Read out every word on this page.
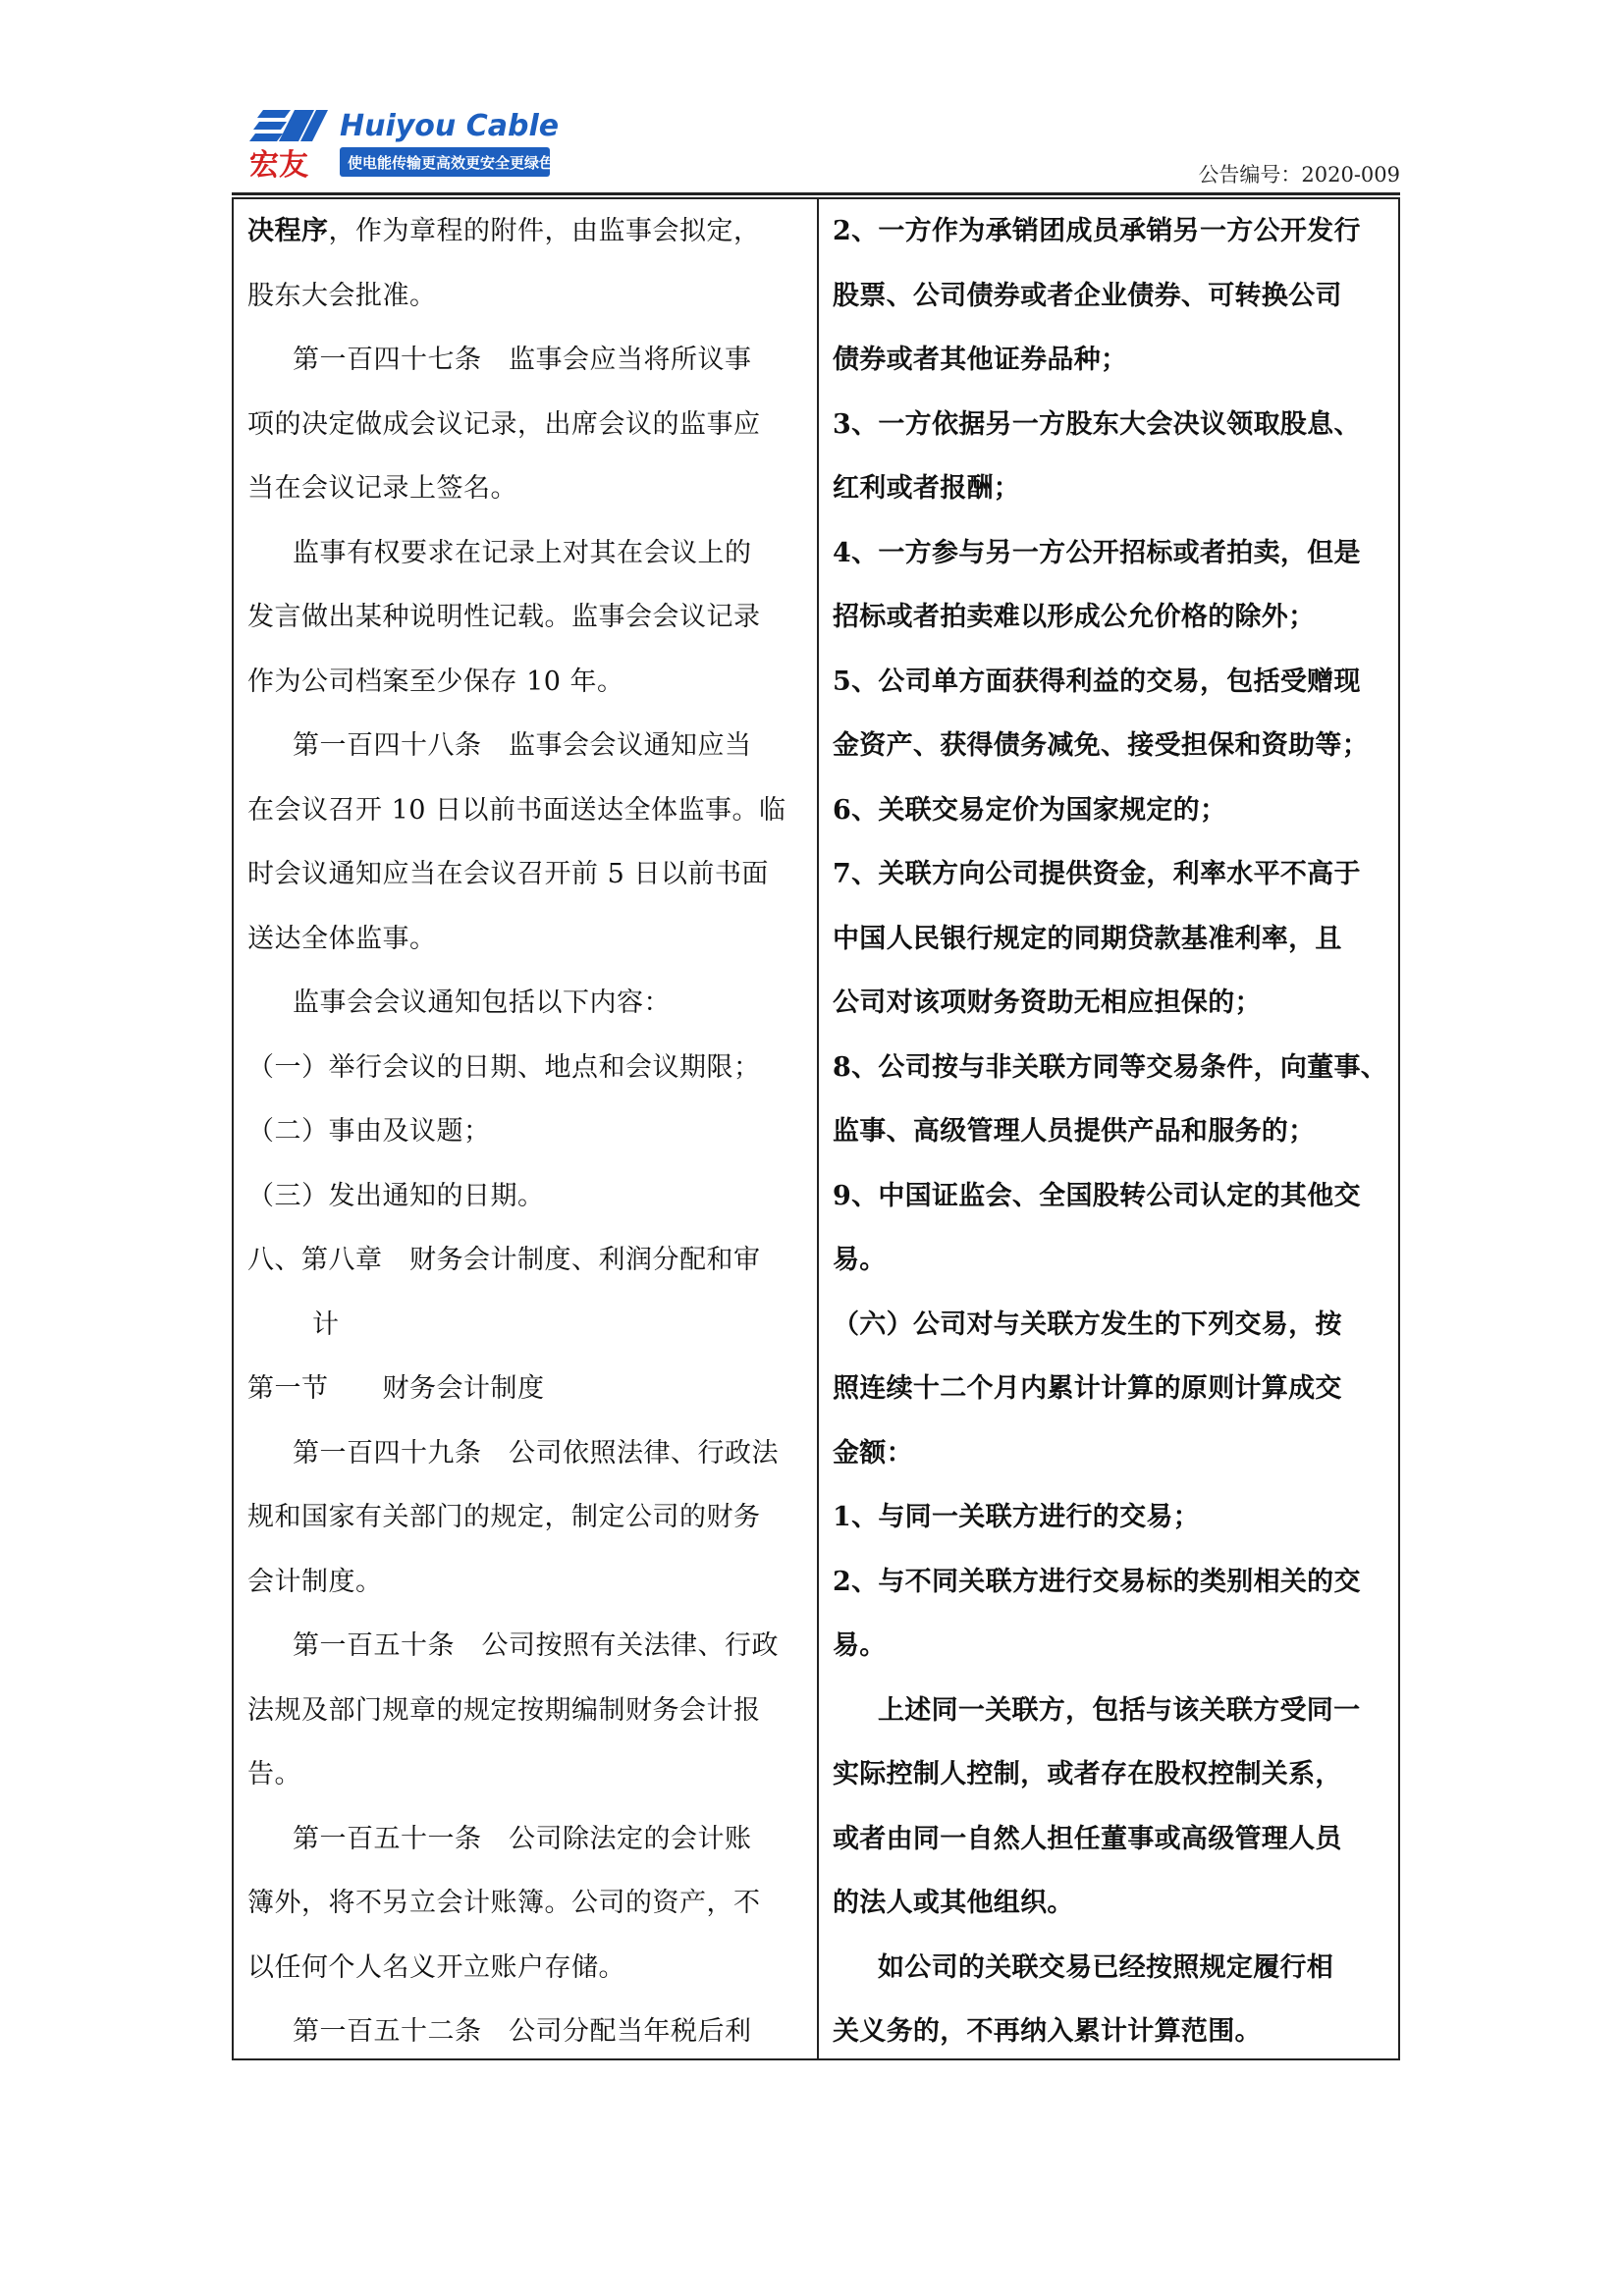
宏友
Huiyou Cable
使电能传输更高效更安全更绿色	公告编号：2020-009
决程序，作为章程的附件，由监事会拟定，
股东大会批准。
第一百四十七条　监事会应当将所议事
项的决定做成会议记录，出席会议的监事应
当在会议记录上签名。
监事有权要求在记录上对其在会议上的
发言做出某种说明性记载。监事会会议记录
作为公司档案至少保存 10 年。
第一百四十八条　监事会会议通知应当
在会议召开 10 日以前书面送达全体监事。临
时会议通知应当在会议召开前 5 日以前书面
送达全体监事。
监事会会议通知包括以下内容：
（一）举行会议的日期、地点和会议期限；
（二）事由及议题；
（三）发出通知的日期。
八、第八章　财务会计制度、利润分配和审
计
第一节　　财务会计制度
第一百四十九条　公司依照法律、行政法
规和国家有关部门的规定，制定公司的财务
会计制度。
第一百五十条　公司按照有关法律、行政
法规及部门规章的规定按期编制财务会计报
告。
第一百五十一条　公司除法定的会计账
簿外，将不另立会计账簿。公司的资产，不
以任何个人名义开立账户存储。
第一百五十二条　公司分配当年税后利
2、一方作为承销团成员承销另一方公开发行
股票、公司债券或者企业债券、可转换公司
债券或者其他证券品种；
3、一方依据另一方股东大会决议领取股息、
红利或者报酬；
4、一方参与另一方公开招标或者拍卖，但是
招标或者拍卖难以形成公允价格的除外；
5、公司单方面获得利益的交易，包括受赠现
金资产、获得债务减免、接受担保和资助等；
6、关联交易定价为国家规定的；
7、关联方向公司提供资金，利率水平不高于
中国人民银行规定的同期贷款基准利率，且
公司对该项财务资助无相应担保的；
8、公司按与非关联方同等交易条件，向董事、
监事、高级管理人员提供产品和服务的；
9、中国证监会、全国股转公司认定的其他交
易。
（六）公司对与关联方发生的下列交易，按
照连续十二个月内累计计算的原则计算成交
金额：
1、与同一关联方进行的交易；
2、与不同关联方进行交易标的类别相关的交
易。
上述同一关联方，包括与该关联方受同一
实际控制人控制，或者存在股权控制关系，
或者由同一自然人担任董事或高级管理人员
的法人或其他组织。
如公司的关联交易已经按照规定履行相
关义务的，不再纳入累计计算范围。
